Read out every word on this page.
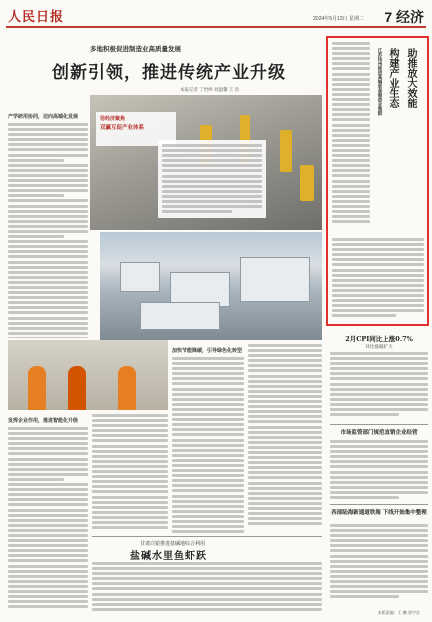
人民日报	2024年5月13日 星期二 7 经济
多地积极促进制造业高质量发展
创新引领，推进传统产业升级
本报记者 丁怡婷 刘温馨 王 浩
产学研用协同，迈向高端化发展	⑩经济聚焦
双赢互促产业体系
发挥企业作用，推进智能化升级
加快节能降碳，引导绿色化转型
江苏扬州推进高端装备制造业集群 构建产业生态 助推放大效能
2月CPI同比上涨0.7%
环比涨幅扩大
市场监管部门规范直销企业经营
西部陆海新通道铁海 下线开始集中整理
甘肃白银推进盐碱地综合利用
盐碱水里鱼虾跃
本版责编：王 鹏 郭宇宏
